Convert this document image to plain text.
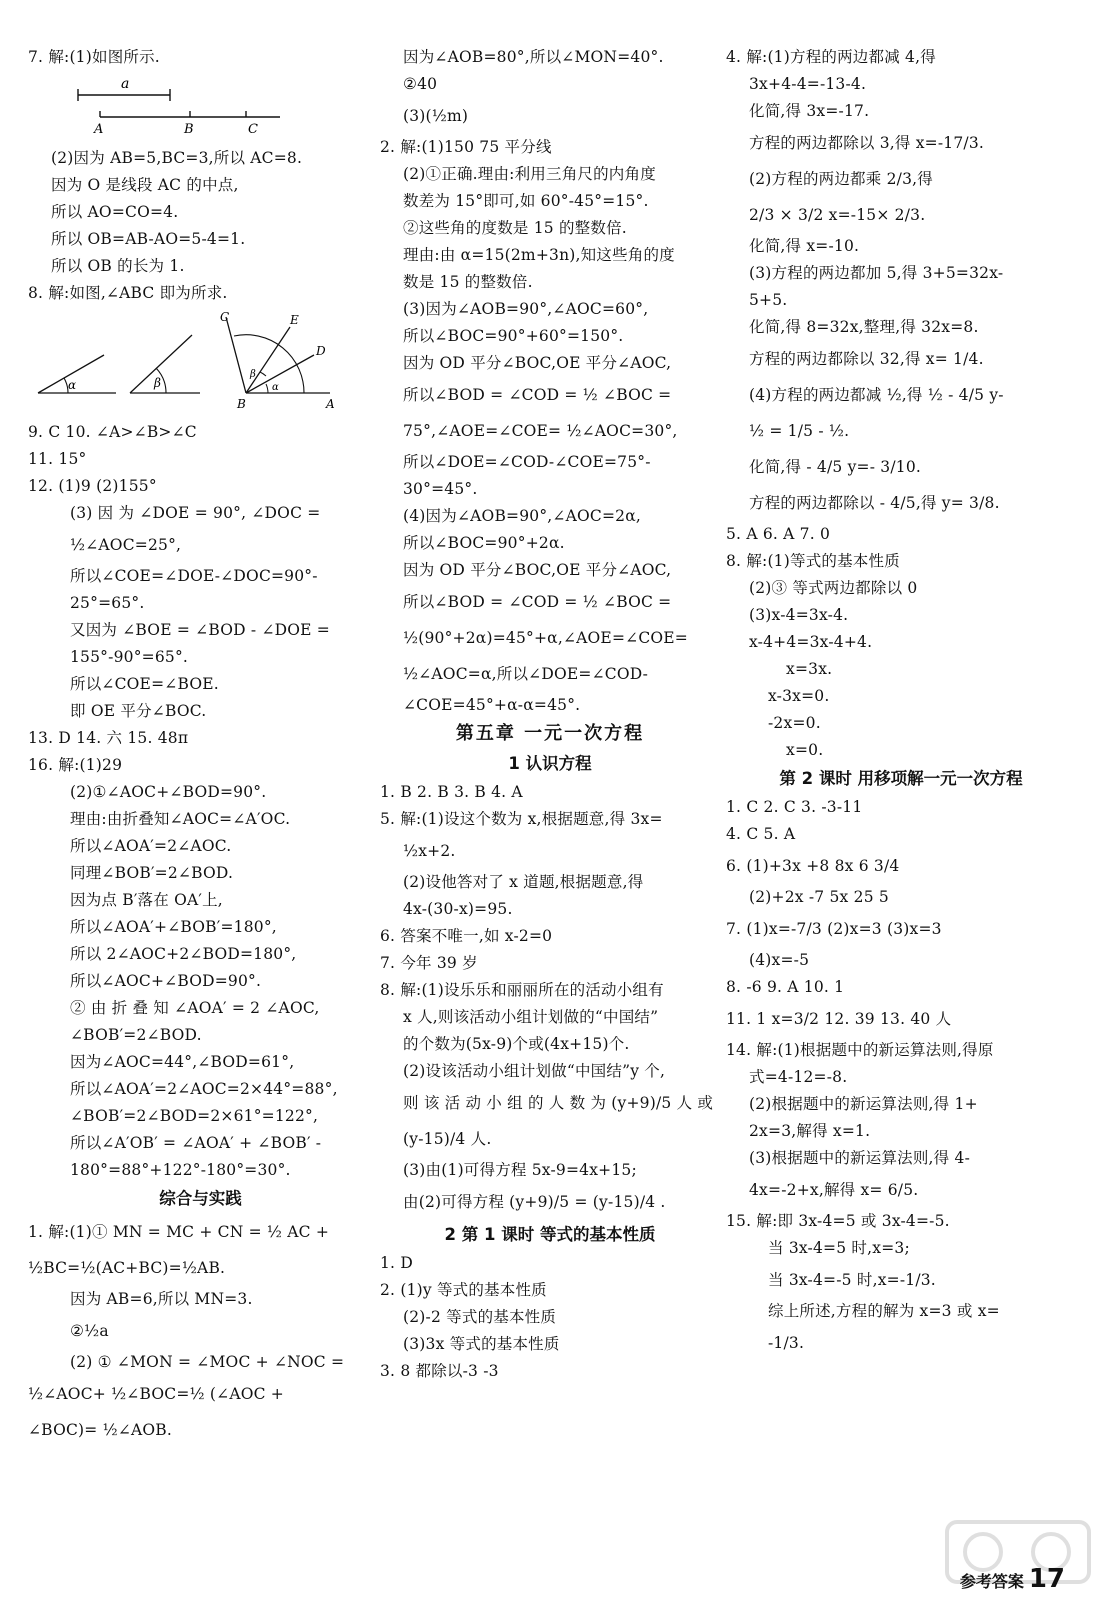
7. 解:(1)如图所示.
a
A	B	C
(2)因为 AB=5,BC=3,所以 AC=8.
因为 O 是线段 AC 的中点,
所以 AO=CO=4.
所以 OB=AB-AO=5-4=1.
所以 OB 的长为 1.
8. 解:如图,∠ABC 即为所求.
α	β
C	E
D
A
B
β
α
9. C 10. ∠A>∠B>∠C
11. 15°
12. (1)9 (2)155°
(3) 因 为 ∠DOE = 90°, ∠DOC =
½∠AOC=25°,
所以∠COE=∠DOE-∠DOC=90°-
25°=65°.
又因为 ∠BOE = ∠BOD - ∠DOE =
155°-90°=65°.
所以∠COE=∠BOE.
即 OE 平分∠BOC.
13. D 14. 六 15. 48π
16. 解:(1)29
(2)①∠AOC+∠BOD=90°.
理由:由折叠知∠AOC=∠A′OC.
所以∠AOA′=2∠AOC.
同理∠BOB′=2∠BOD.
因为点 B′落在 OA′上,
所以∠AOA′+∠BOB′=180°,
所以 2∠AOC+2∠BOD=180°,
所以∠AOC+∠BOD=90°.
② 由 折 叠 知 ∠AOA′ = 2 ∠AOC,
∠BOB′=2∠BOD.
因为∠AOC=44°,∠BOD=61°,
所以∠AOA′=2∠AOC=2×44°=88°,
∠BOB′=2∠BOD=2×61°=122°,
所以∠A′OB′ = ∠AOA′ + ∠BOB′ -
180°=88°+122°-180°=30°.
综合与实践
1. 解:(1)① MN = MC + CN = ½ AC +
½BC=½(AC+BC)=½AB.
因为 AB=6,所以 MN=3.
②½a
(2) ① ∠MON = ∠MOC + ∠NOC =
½∠AOC+ ½∠BOC=½ (∠AOC +
∠BOC)= ½∠AOB.
因为∠AOB=80°,所以∠MON=40°.
②40
(3)(½m)
2. 解:(1)150 75 平分线
(2)①正确.理由:利用三角尺的内角度
数差为 15°即可,如 60°-45°=15°.
②这些角的度数是 15 的整数倍.
理由:由 α=15(2m+3n),知这些角的度
数是 15 的整数倍.
(3)因为∠AOB=90°,∠AOC=60°,
所以∠BOC=90°+60°=150°.
因为 OD 平分∠BOC,OE 平分∠AOC,
所以∠BOD = ∠COD = ½ ∠BOC =
75°,∠AOE=∠COE= ½∠AOC=30°,
所以∠DOE=∠COD-∠COE=75°-
30°=45°.
(4)因为∠AOB=90°,∠AOC=2α,
所以∠BOC=90°+2α.
因为 OD 平分∠BOC,OE 平分∠AOC,
所以∠BOD = ∠COD = ½ ∠BOC =
½(90°+2α)=45°+α,∠AOE=∠COE=
½∠AOC=α,所以∠DOE=∠COD-
∠COE=45°+α-α=45°.
第五章 一元一次方程
1 认识方程
1. B 2. B 3. B 4. A
5. 解:(1)设这个数为 x,根据题意,得 3x=
½x+2.
(2)设他答对了 x 道题,根据题意,得
4x-(30-x)=95.
6. 答案不唯一,如 x-2=0
7. 今年 39 岁
8. 解:(1)设乐乐和丽丽所在的活动小组有
x 人,则该活动小组计划做的“中国结”
的个数为(5x-9)个或(4x+15)个.
(2)设该活动小组计划做“中国结”y 个,
则 该 活 动 小 组 的 人 数 为 (y+9)/5 人 或
(y-15)/4 人.
(3)由(1)可得方程 5x-9=4x+15;
由(2)可得方程 (y+9)/5 = (y-15)/4 .
2 第 1 课时 等式的基本性质
1. D
2. (1)y 等式的基本性质
(2)-2 等式的基本性质
(3)3x 等式的基本性质
3. 8 都除以-3 -3
4. 解:(1)方程的两边都减 4,得
3x+4-4=-13-4.
化简,得 3x=-17.
方程的两边都除以 3,得 x=-17/3.
(2)方程的两边都乘 2/3,得
2/3 × 3/2 x=-15× 2/3.
化简,得 x=-10.
(3)方程的两边都加 5,得 3+5=32x-
5+5.
化简,得 8=32x,整理,得 32x=8.
方程的两边都除以 32,得 x= 1/4.
(4)方程的两边都减 ½,得 ½ - 4/5 y-
½ = 1/5 - ½.
化简,得 - 4/5 y=- 3/10.
方程的两边都除以 - 4/5,得 y= 3/8.
5. A 6. A 7. 0
8. 解:(1)等式的基本性质
(2)③ 等式两边都除以 0
(3)x-4=3x-4.
x-4+4=3x-4+4.
x=3x.
x-3x=0.
-2x=0.
x=0.
第 2 课时 用移项解一元一次方程
1. C 2. C 3. -3-11
4. C 5. A
6. (1)+3x +8 8x 6 3/4
(2)+2x -7 5x 25 5
7. (1)x=-7/3 (2)x=3 (3)x=3
(4)x=-5
8. -6 9. A 10. 1
11. 1 x=3/2 12. 39 13. 40 人
14. 解:(1)根据题中的新运算法则,得原
式=4-12=-8.
(2)根据题中的新运算法则,得 1+
2x=3,解得 x=1.
(3)根据题中的新运算法则,得 4-
4x=-2+x,解得 x= 6/5.
15. 解:即 3x-4=5 或 3x-4=-5.
当 3x-4=5 时,x=3;
当 3x-4=-5 时,x=-1/3.
综上所述,方程的解为 x=3 或 x=
-1/3.
参考答案 17
